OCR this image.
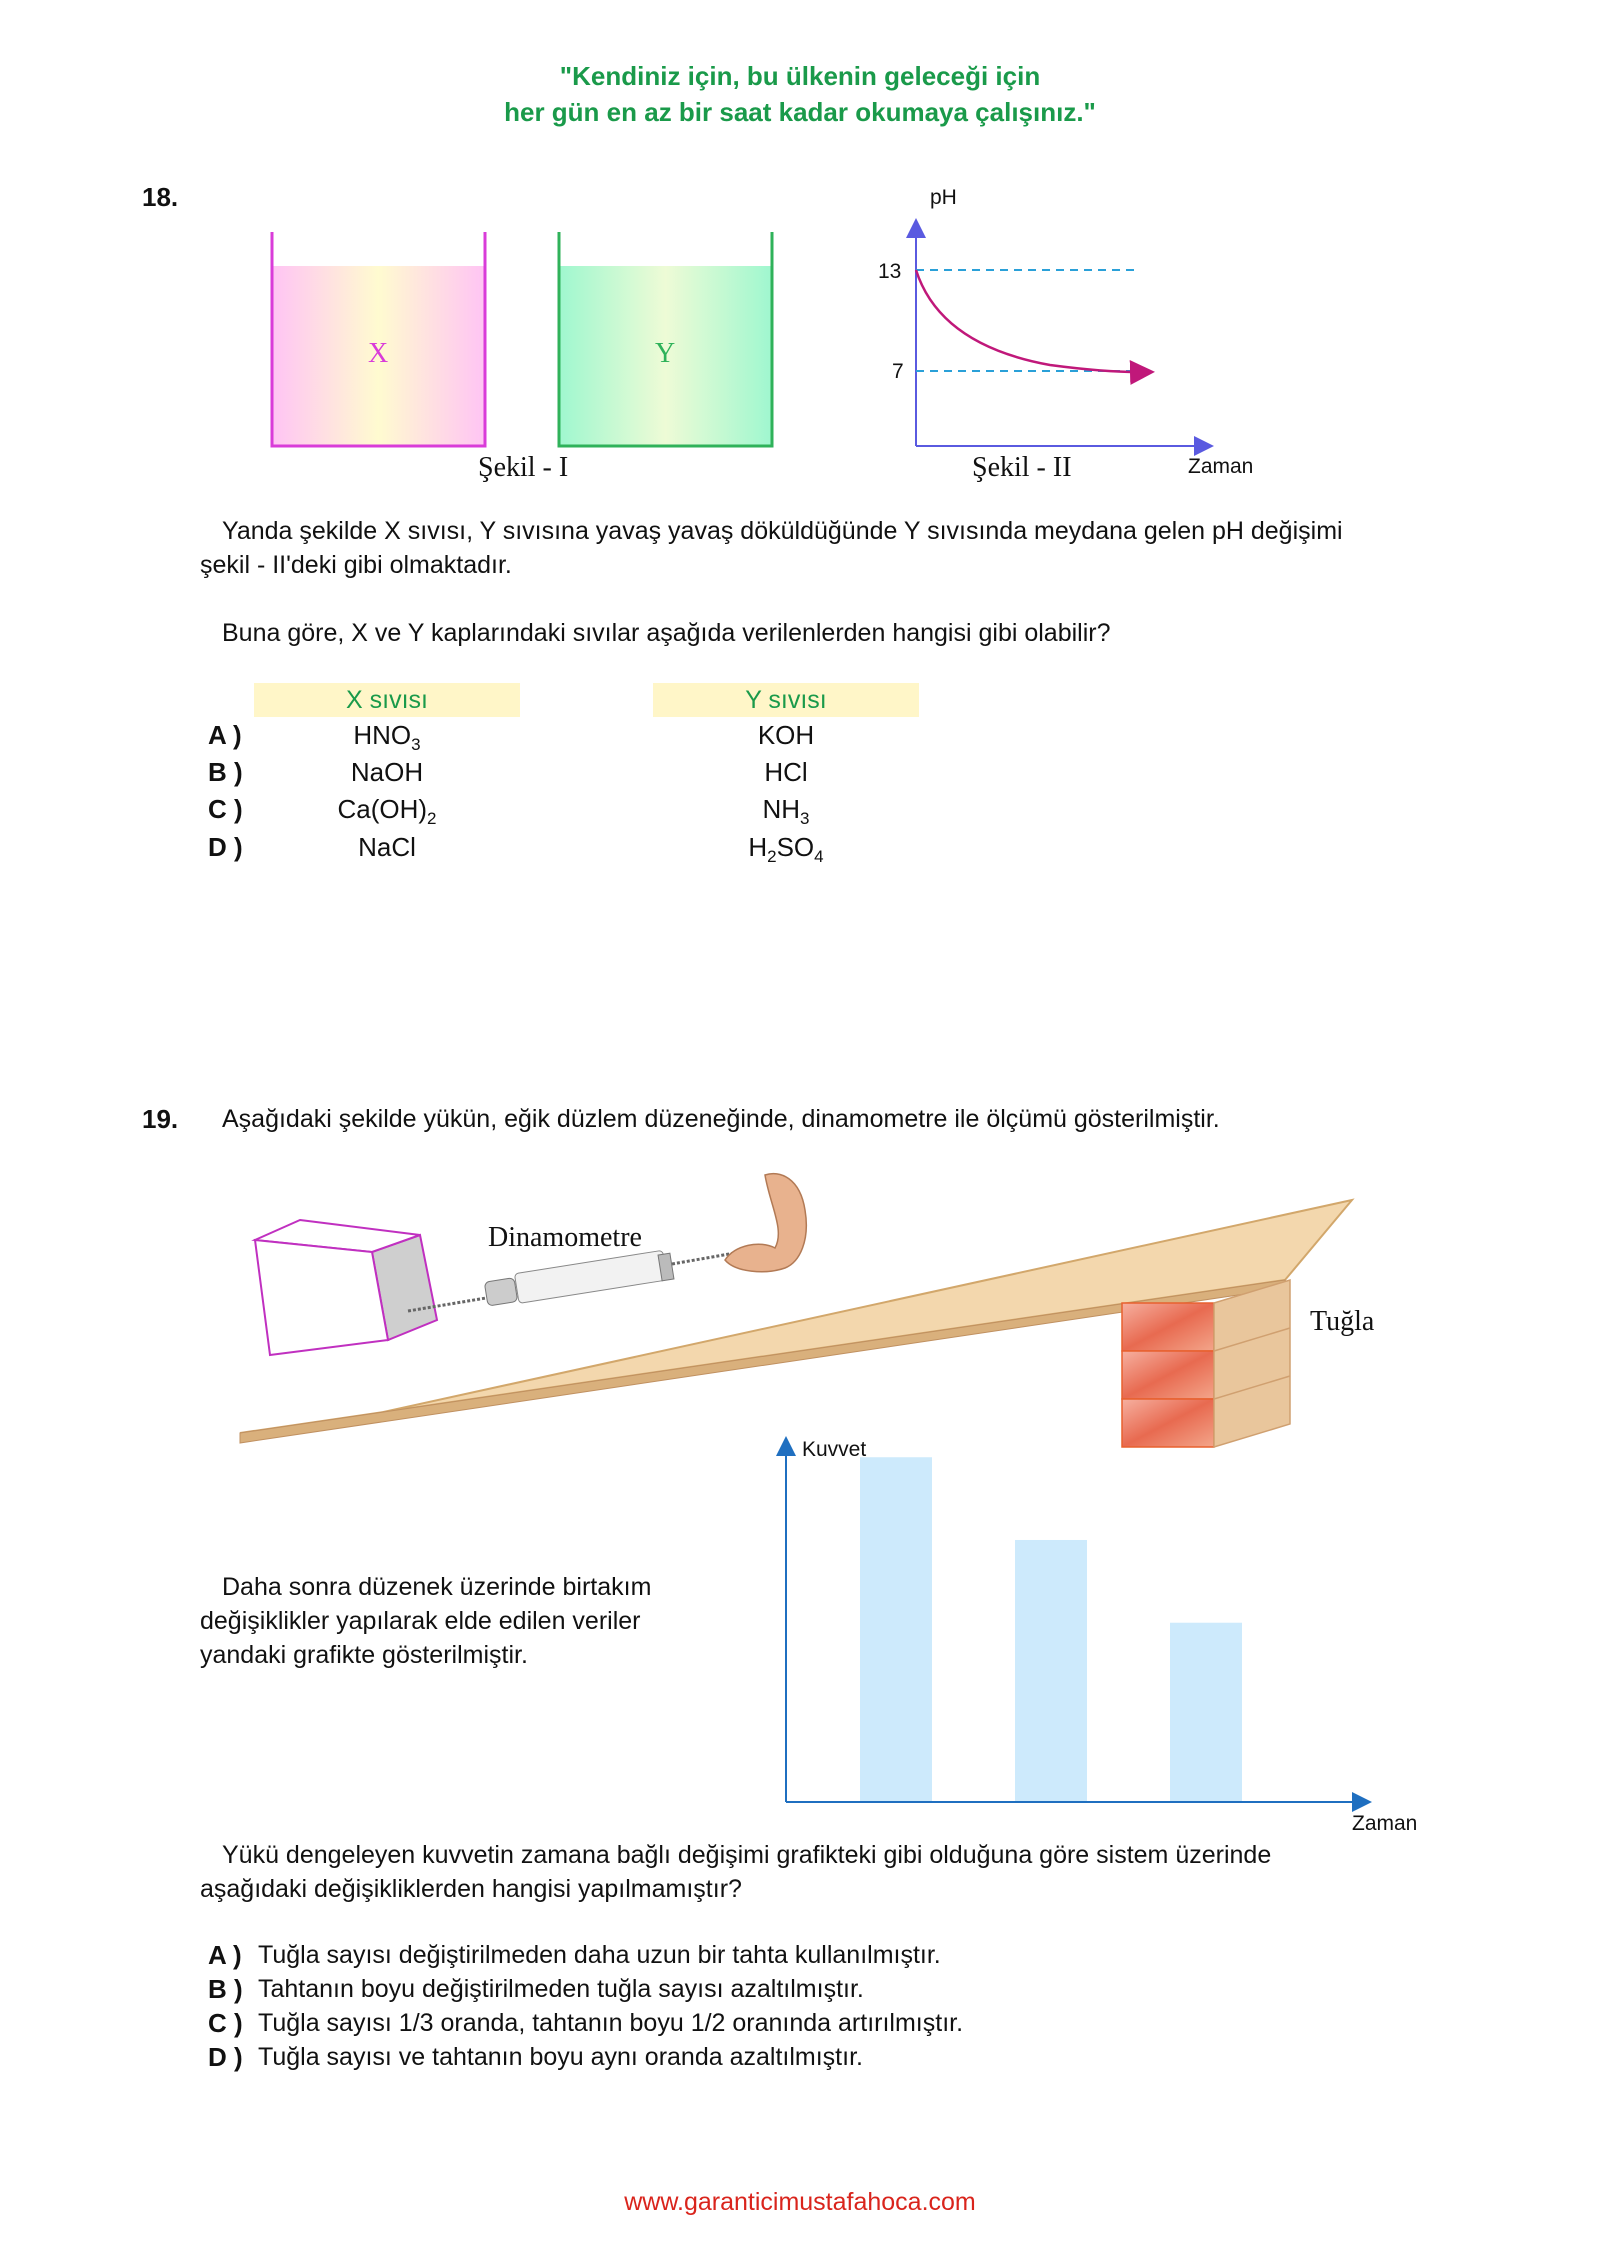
"Kendiniz için, bu ülkenin geleceği için
her gün en az bir saat kadar okumaya çalışınız."
18.
X	Y
Şekil - I
pH
13
7
Şekil - II	Zaman
Yanda şekilde X sıvısı, Y sıvısına yavaş yavaş döküldüğünde Y sıvısında meydana gelen pH değişimi
şekil - II'deki gibi olmaktadır.
Buna göre, X ve Y kaplarındaki sıvılar aşağıda verilenlerden hangisi gibi olabilir?
X sıvısı	Y sıvısı
A )	$HNO_3$	KOH
B )	NaOH	HCl
C )	$Ca(OH)_2$	$NH_3$
D )	NaCl	$H_2SO_4$
19. Aşağıdaki şekilde yükün, eğik düzlem düzeneğinde, dinamometre ile ölçümü gösterilmiştir.
Dinamometre
Tuğla
Kuvvet
Zaman
Daha sonra düzenek üzerinde birtakım
değişiklikler yapılarak elde edilen veriler
yandaki grafikte gösterilmiştir.
Yükü dengeleyen kuvvetin zamana bağlı değişimi grafikteki gibi olduğuna göre sistem üzerinde
aşağıdaki değişikliklerden hangisi yapılmamıştır?
A ) Tuğla sayısı değiştirilmeden daha uzun bir tahta kullanılmıştır.
B ) Tahtanın boyu değiştirilmeden tuğla sayısı azaltılmıştır.
C ) Tuğla sayısı 1/3 oranda, tahtanın boyu 1/2 oranında artırılmıştır.
D ) Tuğla sayısı ve tahtanın boyu aynı oranda azaltılmıştır.
www.garanticimustafahoca.com
